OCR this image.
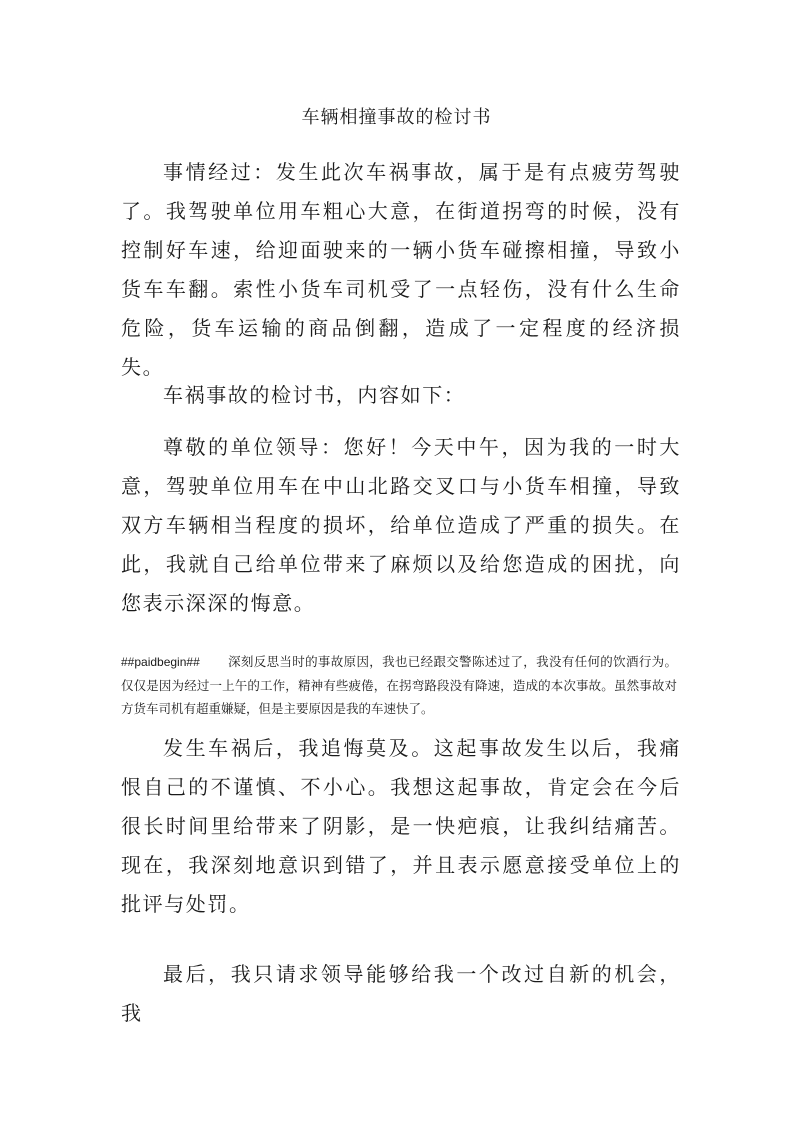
车辆相撞事故的检讨书

事情经过：发生此次车祸事故，属于是有点疲劳驾驶了。我驾驶单位用车粗心大意，在街道拐弯的时候，没有控制好车速，给迎面驶来的一辆小货车碰擦相撞，导致小货车车翻。索性小货车司机受了一点轻伤，没有什么生命危险，货车运输的商品倒翻，造成了一定程度的经济损失。

车祸事故的检讨书，内容如下：

尊敬的单位领导：您好！今天中午，因为我的一时大意，驾驶单位用车在中山北路交叉口与小货车相撞，导致双方车辆相当程度的损坏，给单位造成了严重的损失。在此，我就自己给单位带来了麻烦以及给您造成的困扰，向您表示深深的悔意。

##paidbegin## 深刻反思当时的事故原因，我也已经跟交警陈述过了，我没有任何的饮酒行为。仅仅是因为经过一上午的工作，精神有些疲倦，在拐弯路段没有降速，造成的本次事故。虽然事故对方货车司机有超重嫌疑，但是主要原因是我的车速快了。

发生车祸后，我追悔莫及。这起事故发生以后，我痛恨自己的不谨慎、不小心。我想这起事故，肯定会在今后很长时间里给带来了阴影，是一快疤痕，让我纠结痛苦。现在，我深刻地意识到错了，并且表示愿意接受单位上的批评与处罚。

最后，我只请求领导能够给我一个改过自新的机会，我
